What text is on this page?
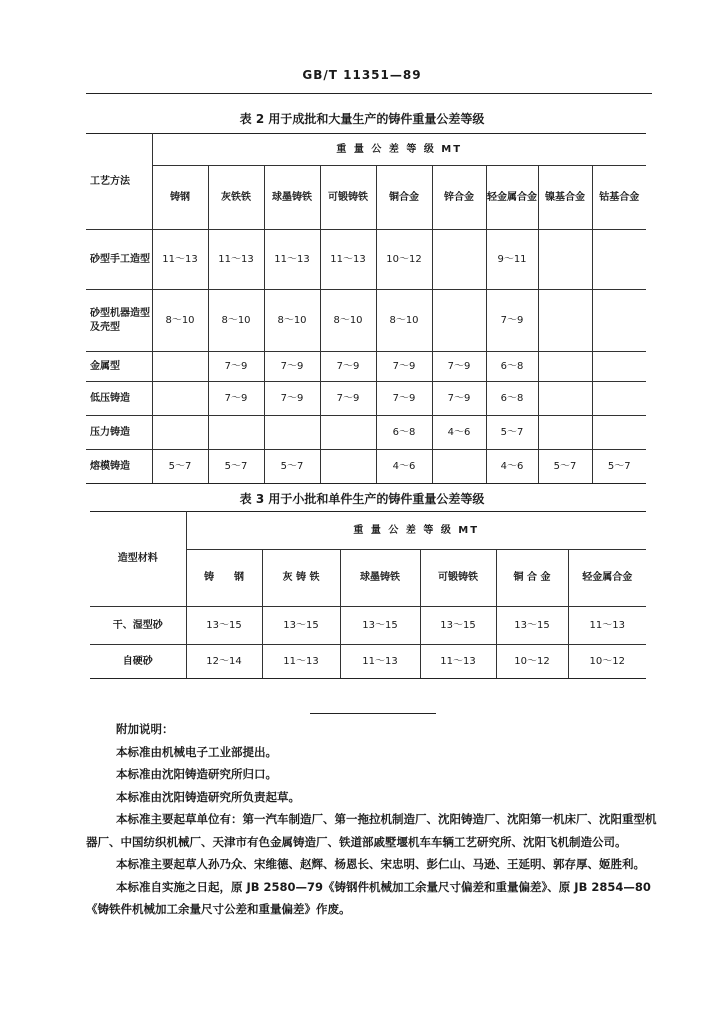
GB/T 11351—89
表 2 用于成批和大量生产的铸件重量公差等级
工艺方法	重 量 公 差 等 级 MT								
	铸钢	灰铁铁	球墨铸铁	可锻铸铁	铜合金	锌合金	轻金属合金	镍基合金	钴基合金
砂型手工造型	11～13	11～13	11～13	11～13	10～12		9～11		
砂型机器造型及壳型	8～10	8～10	8～10	8～10	8～10		7～9		
金属型		7～9	7～9	7～9	7～9	7～9	6～8		
低压铸造		7～9	7～9	7～9	7～9	7～9	6～8		
压力铸造					6～8	4～6	5～7		
熔模铸造	5～7	5～7	5～7		4～6		4～6	5～7	5～7
表 3 用于小批和单件生产的铸件重量公差等级
造型材料	重 量 公 差 等 级 MT					
	铸　　钢	灰 铸 铁	球墨铸铁	可锻铸铁	铜 合 金	轻金属合金
干、湿型砂	13～15	13～15	13～15	13～15	13～15	11～13
自硬砂	12～14	11～13	11～13	11～13	10～12	10～12

附加说明：

本标准由机械电子工业部提出。

本标准由沈阳铸造研究所归口。

本标准由沈阳铸造研究所负责起草。

本标准主要起草单位有：第一汽车制造厂、第一拖拉机制造厂、沈阳铸造厂、沈阳第一机床厂、沈阳重型机器厂、中国纺织机械厂、天津市有色金属铸造厂、铁道部戚墅堰机车车辆工艺研究所、沈阳飞机制造公司。

本标准主要起草人孙乃众、宋维德、赵辉、杨恩长、宋忠明、彭仁山、马逊、王延明、郭存厚、姬胜利。

本标准自实施之日起，原 JB 2580—79《铸钢件机械加工余量尺寸偏差和重量偏差》、原 JB 2854—80《铸铁件机械加工余量尺寸公差和重量偏差》作废。
